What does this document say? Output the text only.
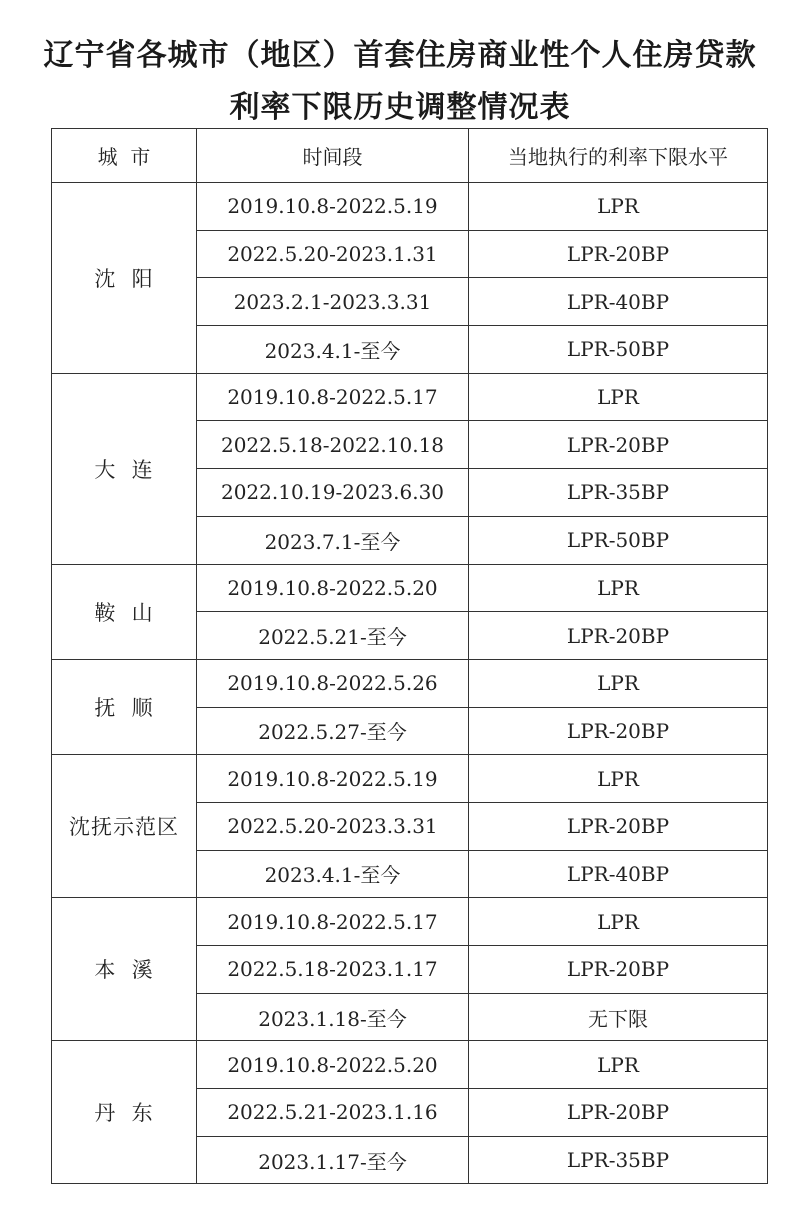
辽宁省各城市（地区）首套住房商业性个人住房贷款
利率下限历史调整情况表
城  市	时间段	当地执行的利率下限水平
沈  阳	2019.10.8-2022.5.19	LPR
	2022.5.20-2023.1.31	LPR-20BP
	2023.2.1-2023.3.31	LPR-40BP
	2023.4.1-至今	LPR-50BP
大  连	2019.10.8-2022.5.17	LPR
	2022.5.18-2022.10.18	LPR-20BP
	2022.10.19-2023.6.30	LPR-35BP
	2023.7.1-至今	LPR-50BP
鞍  山	2019.10.8-2022.5.20	LPR
	2022.5.21-至今	LPR-20BP
抚  顺	2019.10.8-2022.5.26	LPR
	2022.5.27-至今	LPR-20BP
沈抚示范区	2019.10.8-2022.5.19	LPR
	2022.5.20-2023.3.31	LPR-20BP
	2023.4.1-至今	LPR-40BP
本  溪	2019.10.8-2022.5.17	LPR
	2022.5.18-2023.1.17	LPR-20BP
	2023.1.18-至今	无下限
丹  东	2019.10.8-2022.5.20	LPR
	2022.5.21-2023.1.16	LPR-20BP
	2023.1.17-至今	LPR-35BP
